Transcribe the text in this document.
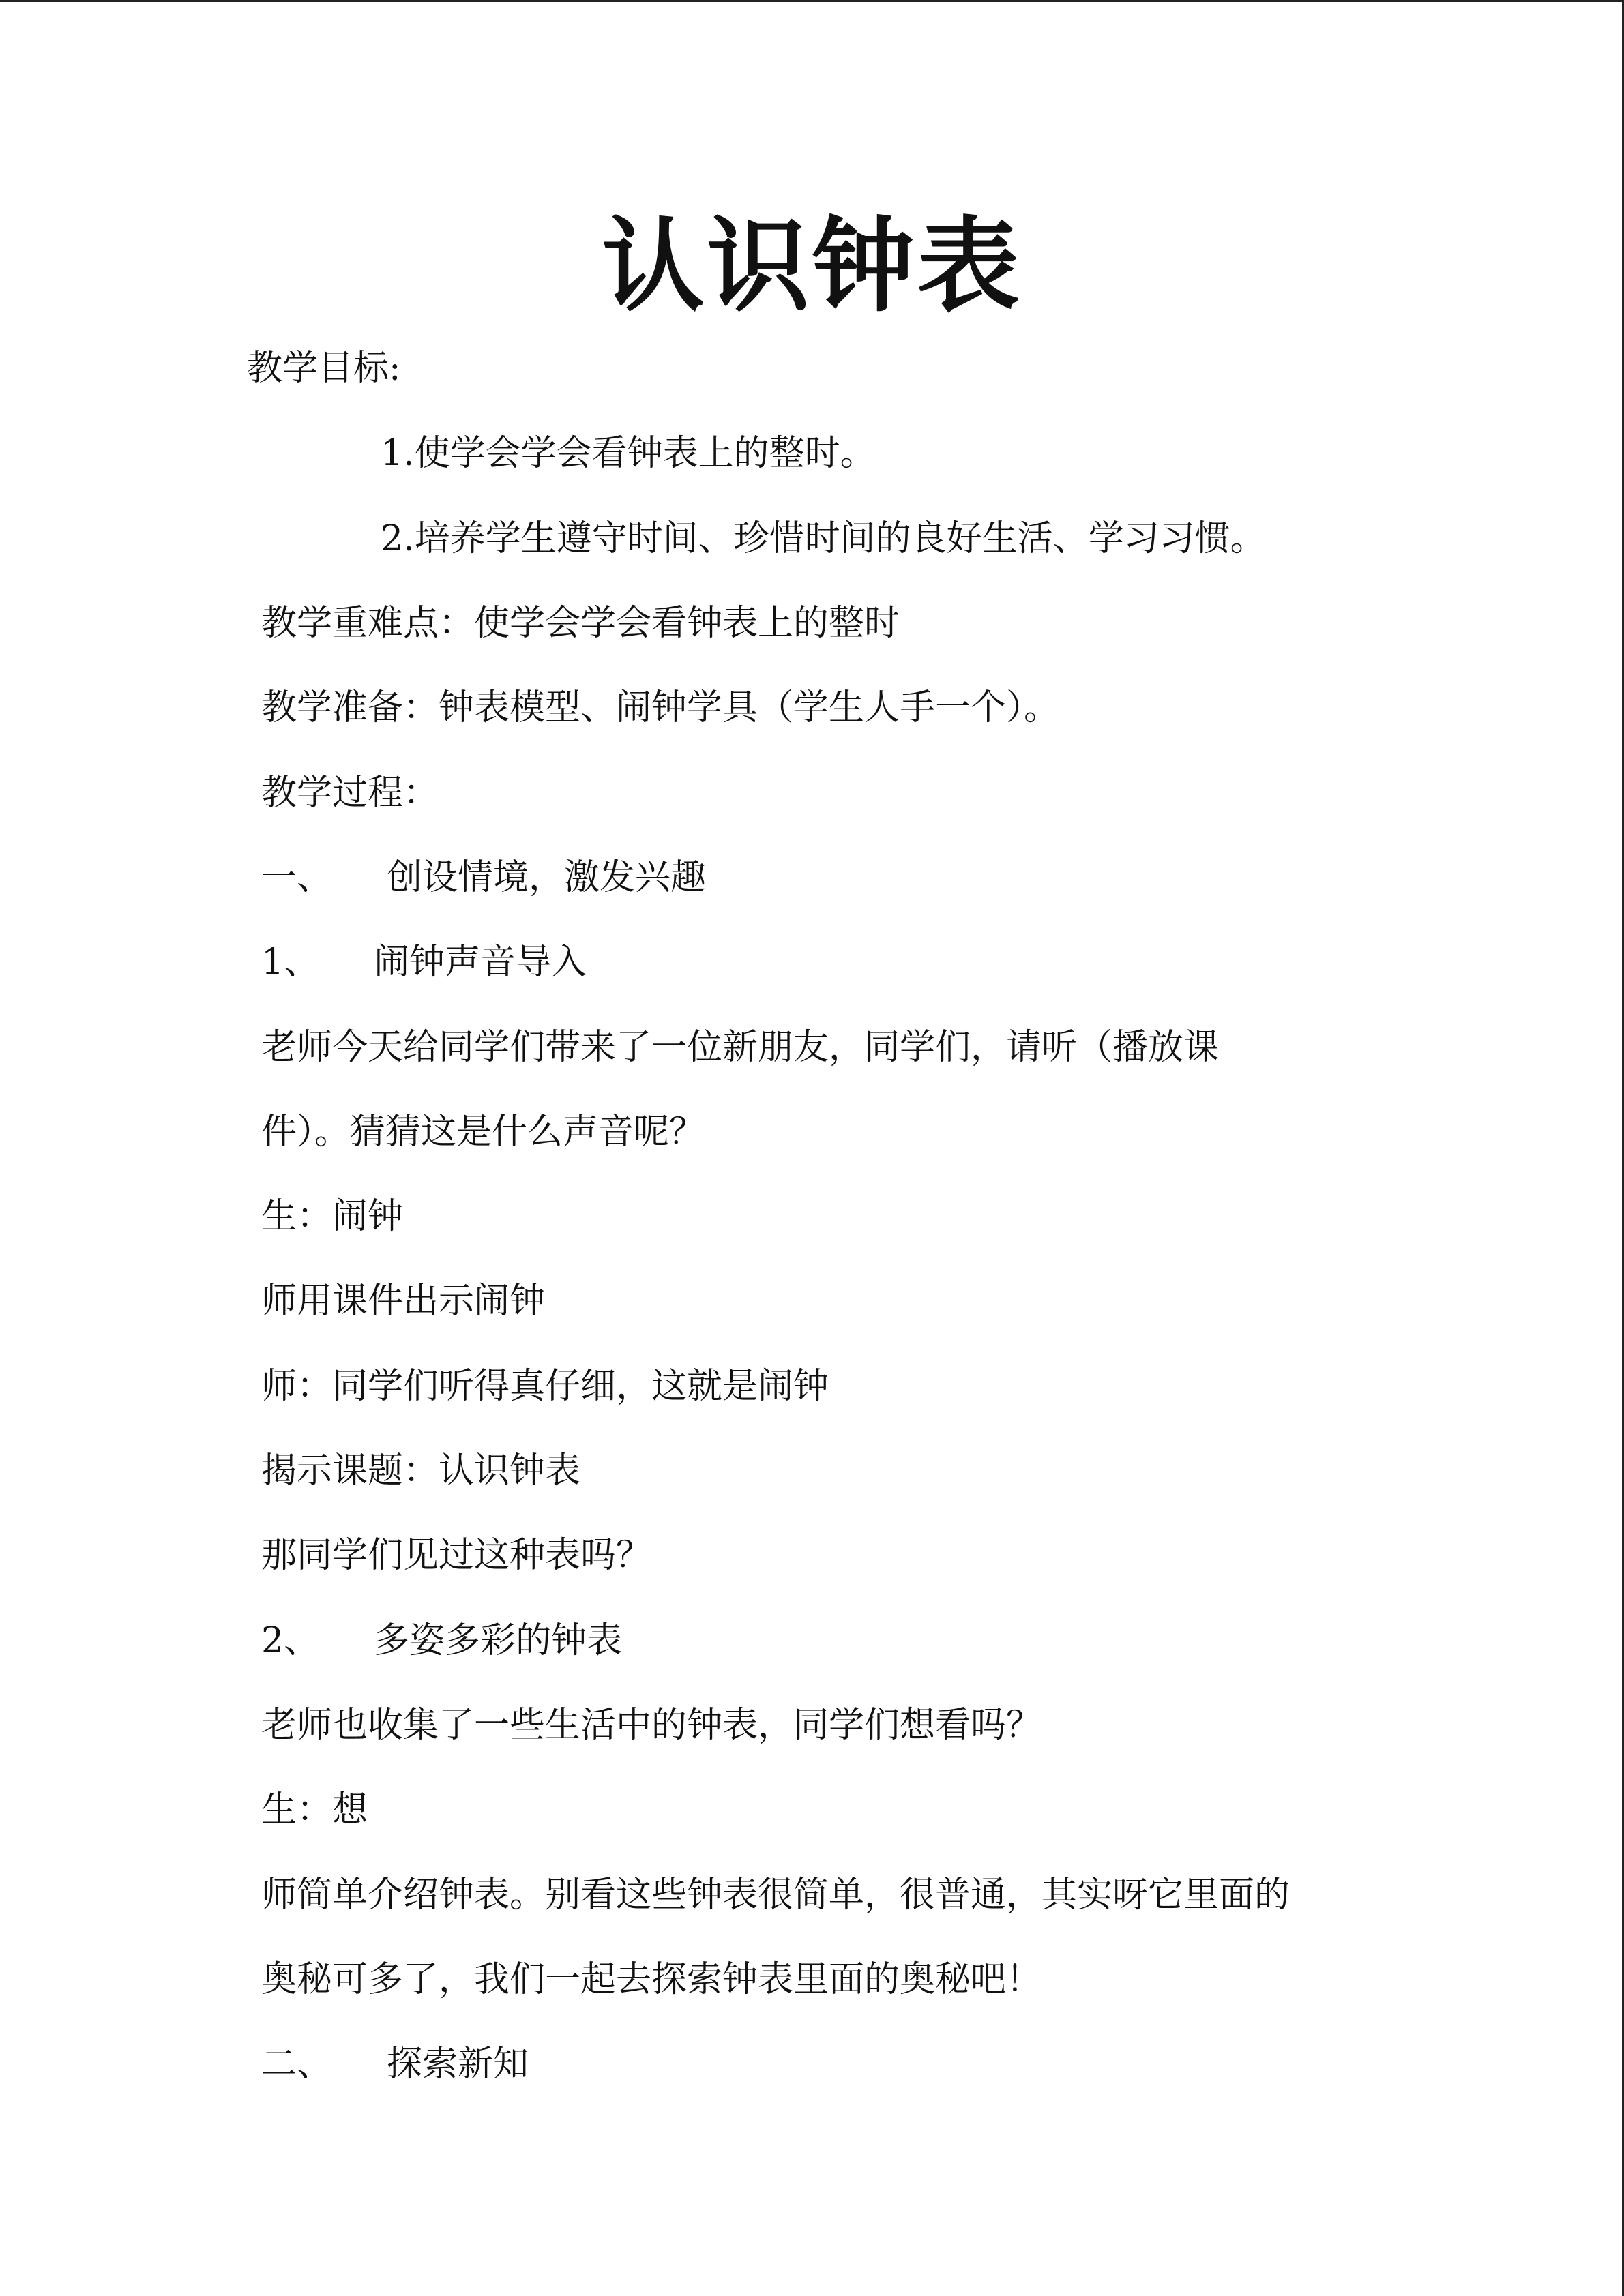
认识钟表
教学目标:
1.使学会学会看钟表上的整时。
2.培养学生遵守时间、珍惜时间的良好生活、学习习惯。
教学重难点：使学会学会看钟表上的整时
教学准备：钟表模型、闹钟学具（学生人手一个）。
教学过程：
一、 创设情境，激发兴趣
1、 闹钟声音导入
老师今天给同学们带来了一位新朋友，同学们，请听（播放课
件）。猜猜这是什么声音呢？
生：闹钟
师用课件出示闹钟
师：同学们听得真仔细，这就是闹钟
揭示课题：认识钟表
那同学们见过这种表吗？
2、 多姿多彩的钟表
老师也收集了一些生活中的钟表，同学们想看吗？
生：想
师简单介绍钟表。别看这些钟表很简单，很普通，其实呀它里面的
奥秘可多了，我们一起去探索钟表里面的奥秘吧！
二、 探索新知
